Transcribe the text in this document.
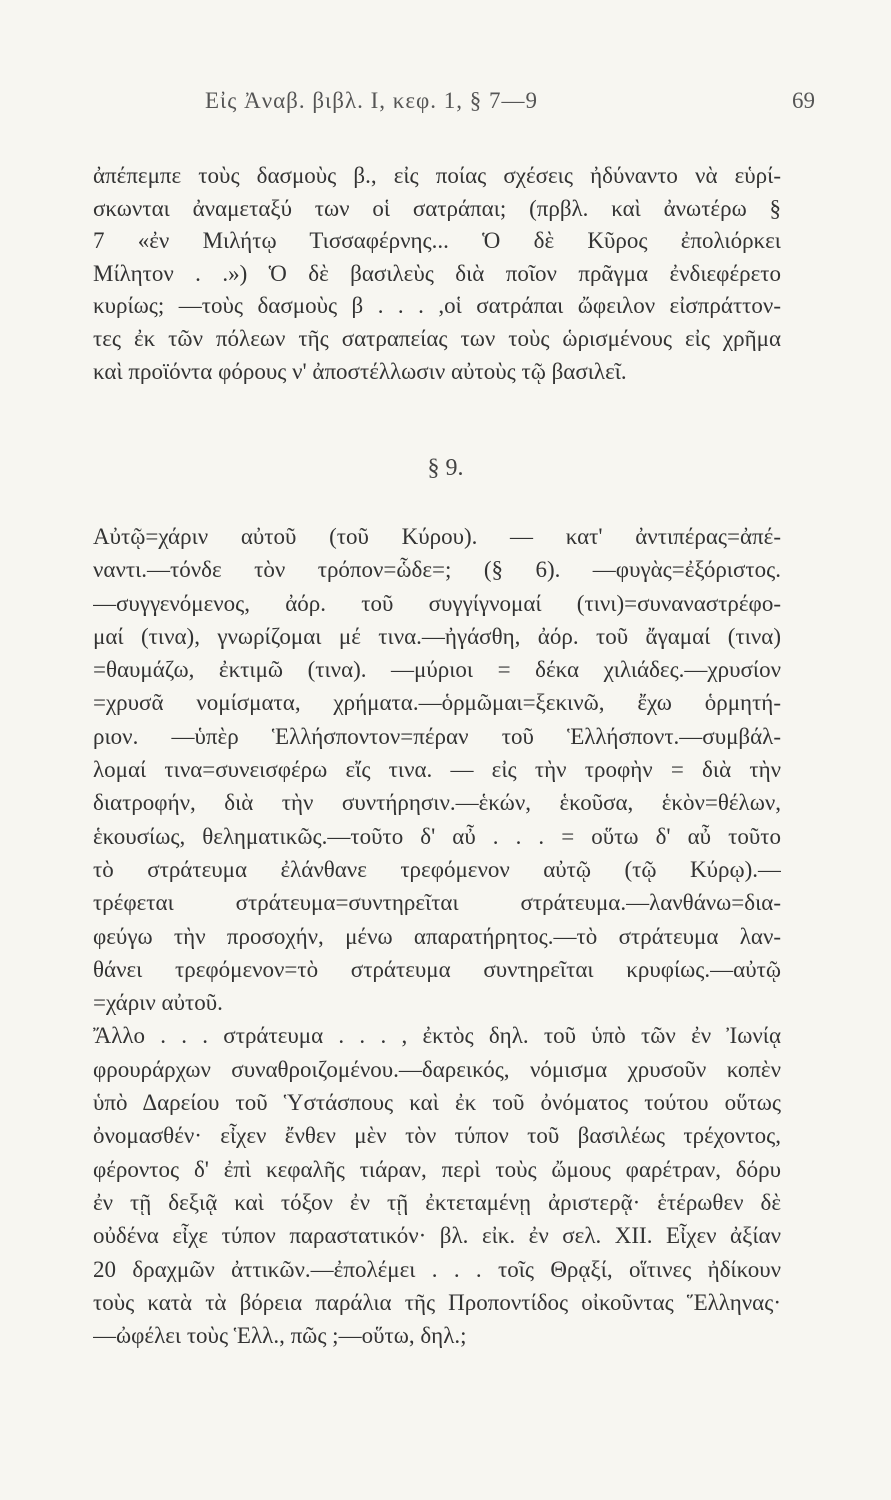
Εἰς Ἀναβ. βιβλ. Ι, κεφ. 1, § 7—9	69
ἀπέπεμπε τοὺς δασμοὺς β., εἰς ποίας σχέσεις ἠδύναντο νὰ εὑρί-
σκωνται ἀναμεταξύ των οἱ σατράπαι; (πρβλ. καὶ ἀνωτέρω §
7 «ἐν Μιλήτῳ Τισσαφέρνης... Ὁ δὲ Κῦρος ἐπολιόρκει
Μίλητον . .») Ὁ δὲ βασιλεὺς διὰ ποῖον πρᾶγμα ἐνδιεφέρετο
κυρίως; —τοὺς δασμοὺς β . . . ,οἱ σατράπαι ὤφειλον εἰσπράττον-
τες ἐκ τῶν πόλεων τῆς σατραπείας των τοὺς ὡρισμένους εἰς χρῆμα
καὶ προϊόντα φόρους ν' ἀποστέλλωσιν αὐτοὺς τῷ βασιλεῖ.
§ 9.
Αὐτῷ=χάριν αὐτοῦ (τοῦ Κύρου). — κατ' ἀντιπέρας=ἀπέ-
ναντι.—τόνδε τὸν τρόπον=ὧδε=; (§ 6). —φυγὰς=ἐξόριστος.
—συγγενόμενος, ἀόρ. τοῦ συγγίγνομαί (τινι)=συναναστρέφο-
μαί (τινα), γνωρίζομαι μέ τινα.—ἠγάσθη, ἀόρ. τοῦ ἄγαμαί (τινα)
=θαυμάζω, ἐκτιμῶ (τινα). —μύριοι = δέκα χιλιάδες.—χρυσίον
=χρυσᾶ νομίσματα, χρήματα.—ὁρμῶμαι=ξεκινῶ, ἔχω ὁρμητή-
ριον. —ὑπὲρ Ἑλλήσποντον=πέραν τοῦ Ἑλλήσποντ.—συμβάλ-
λομαί τινα=συνεισφέρω εἴς τινα. — εἰς τὴν τροφὴν = διὰ τὴν
διατροφήν, διὰ τὴν συντήρησιν.—ἑκών, ἑκοῦσα, ἑκὸν=θέλων,
ἑκουσίως, θεληματικῶς.—τοῦτο δ' αὖ . . . = οὕτω δ' αὖ τοῦτο
τὸ στράτευμα ἐλάνθανε τρεφόμενον αὐτῷ (τῷ Κύρῳ).—
τρέφεται στράτευμα=συντηρεῖται στράτευμα.—λανθάνω=δια-
φεύγω τὴν προσοχήν, μένω απαρατήρητος.—τὸ στράτευμα λαν-
θάνει τρεφόμενον=τὸ στράτευμα συντηρεῖται κρυφίως.—αὐτῷ
=χάριν αὐτοῦ.
Ἄλλο . . . στράτευμα . . . , ἐκτὸς δηλ. τοῦ ὑπὸ τῶν ἐν Ἰωνίᾳ
φρουράρχων συναθροιζομένου.—δαρεικός, νόμισμα χρυσοῦν κοπὲν
ὑπὸ Δαρείου τοῦ Ὑστάσπους καὶ ἐκ τοῦ ὀνόματος τούτου οὕτως
ὀνομασθέν· εἶχεν ἔνθεν μὲν τὸν τύπον τοῦ βασιλέως τρέχοντος,
φέροντος δ' ἐπὶ κεφαλῆς τιάραν, περὶ τοὺς ὤμους φαρέτραν, δόρυ
ἐν τῇ δεξιᾷ καὶ τόξον ἐν τῇ ἐκτεταμένῃ ἀριστερᾷ· ἑτέρωθεν δὲ
οὐδένα εἶχε τύπον παραστατικόν· βλ. εἰκ. ἐν σελ. XII. Εἶχεν ἀξίαν
20 δραχμῶν ἀττικῶν.—ἐπολέμει . . . τοῖς Θρᾳξί, οἵτινες ἠδίκουν
τοὺς κατὰ τὰ βόρεια παράλια τῆς Προποντίδος οἰκοῦντας Ἕλληνας·
—ὠφέλει τοὺς Ἑλλ., πῶς ;—οὕτω, δηλ.;
